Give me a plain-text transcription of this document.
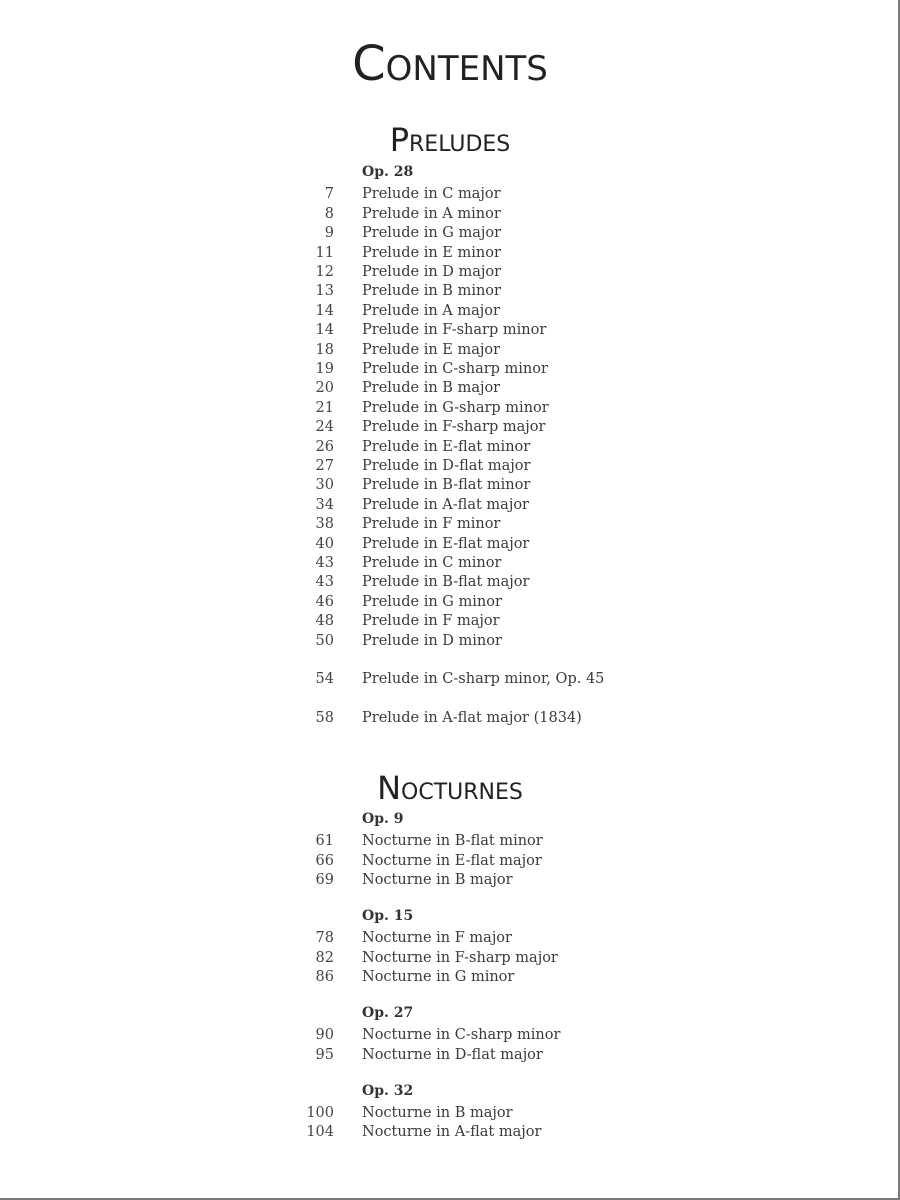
Contents
Preludes
Op. 28
7 Prelude in C major
8 Prelude in A minor
9 Prelude in G major
11 Prelude in E minor
12 Prelude in D major
13 Prelude in B minor
14 Prelude in A major
14 Prelude in F-sharp minor
18 Prelude in E major
19 Prelude in C-sharp minor
20 Prelude in B major
21 Prelude in G-sharp minor
24 Prelude in F-sharp major
26 Prelude in E-flat minor
27 Prelude in D-flat major
30 Prelude in B-flat minor
34 Prelude in A-flat major
38 Prelude in F minor
40 Prelude in E-flat major
43 Prelude in C minor
43 Prelude in B-flat major
46 Prelude in G minor
48 Prelude in F major
50 Prelude in D minor
54 Prelude in C-sharp minor, Op. 45
58 Prelude in A-flat major (1834)
Nocturnes
Op. 9
61 Nocturne in B-flat minor
66 Nocturne in E-flat major
69 Nocturne in B major
Op. 15
78 Nocturne in F major
82 Nocturne in F-sharp major
86 Nocturne in G minor
Op. 27
90 Nocturne in C-sharp minor
95 Nocturne in D-flat major
Op. 32
100 Nocturne in B major
104 Nocturne in A-flat major
